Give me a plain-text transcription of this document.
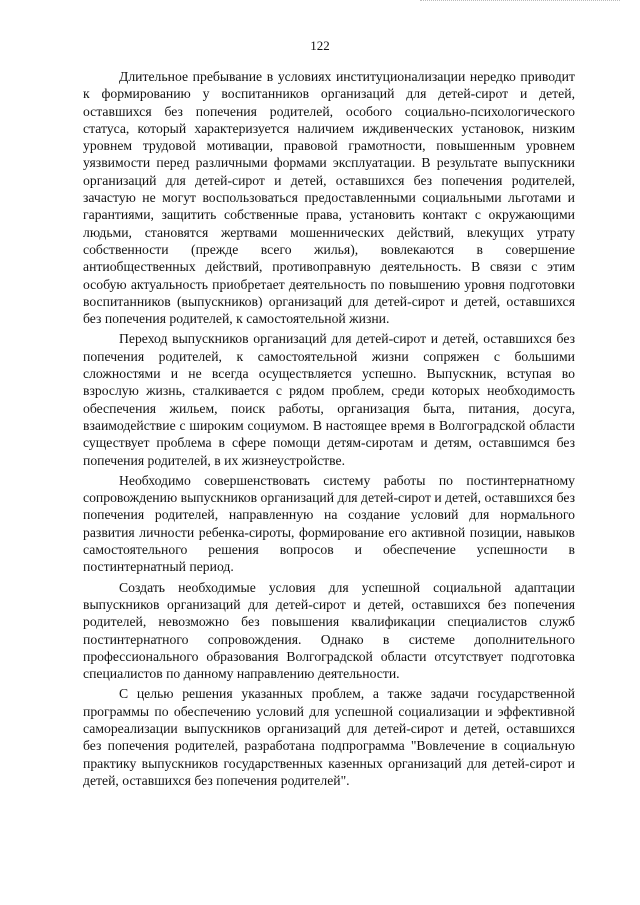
122

Длительное пребывание в условиях институционализации нередко приводит к формированию у воспитанников организаций для детей-сирот и детей, оставшихся без попечения родителей, особого социально-психологического статуса, который характеризуется наличием иждивенческих установок, низким уровнем трудовой мотивации, правовой грамотности, повышенным уровнем уязвимости перед различными формами эксплуатации. В результате выпускники организаций для детей-сирот и детей, оставшихся без попечения родителей, зачастую не могут воспользоваться предоставленными социальными льготами и гарантиями, защитить собственные права, установить контакт с окружающими людьми, становятся жертвами мошеннических действий, влекущих утрату собственности (прежде всего жилья), вовлекаются в совершение антиобщественных действий, противоправную деятельность. В связи с этим особую актуальность приобретает деятельность по повышению уровня подготовки воспитанников (выпускников) организаций для детей-сирот и детей, оставшихся без попечения родителей, к самостоятельной жизни.

Переход выпускников организаций для детей-сирот и детей, оставшихся без попечения родителей, к самостоятельной жизни сопряжен с большими сложностями и не всегда осуществляется успешно. Выпускник, вступая во взрослую жизнь, сталкивается с рядом проблем, среди которых необходимость обеспечения жильем, поиск работы, организация быта, питания, досуга, взаимодействие с широким социумом. В настоящее время в Волгоградской области существует проблема в сфере помощи детям-сиротам и детям, оставшимся без попечения родителей, в их жизнеустройстве.

Необходимо совершенствовать систему работы по постинтернатному сопровождению выпускников организаций для детей-сирот и детей, оставшихся без попечения родителей, направленную на создание условий для нормального развития личности ребенка-сироты, формирование его активной позиции, навыков самостоятельного решения вопросов и обеспечение успешности в постинтернатный период.

Создать необходимые условия для успешной социальной адаптации выпускников организаций для детей-сирот и детей, оставшихся без попечения родителей, невозможно без повышения квалификации специалистов служб постинтернатного сопровождения. Однако в системе дополнительного профессионального образования Волгоградской области отсутствует подготовка специалистов по данному направлению деятельности.

С целью решения указанных проблем, а также задачи государственной программы по обеспечению условий для успешной социализации и эффективной самореализации выпускников организаций для детей-сирот и детей, оставшихся без попечения родителей, разработана подпрограмма "Вовлечение в социальную практику выпускников государственных казенных организаций для детей-сирот и детей, оставшихся без попечения родителей".
